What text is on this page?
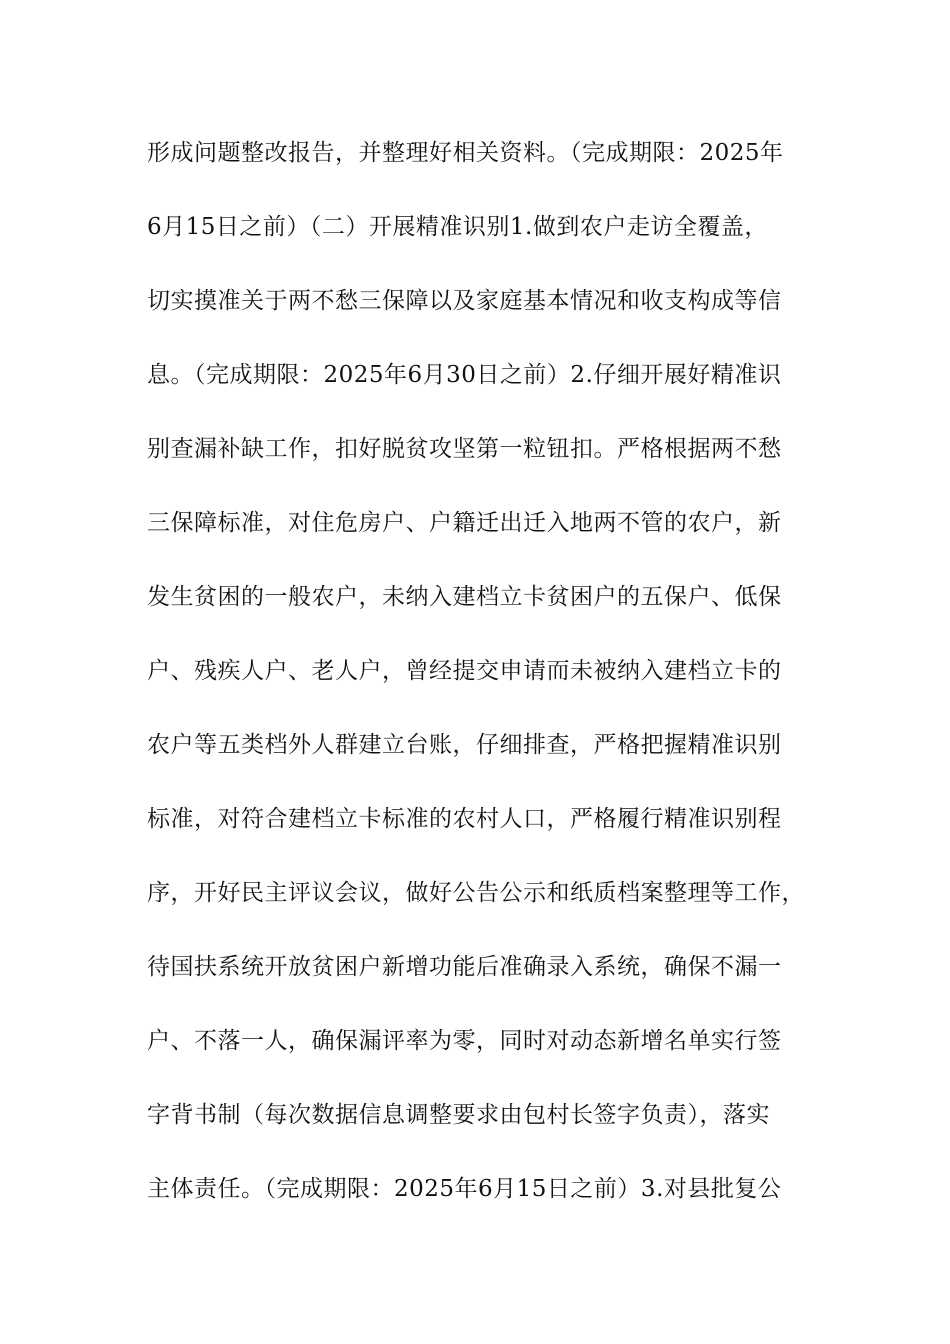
形成问题整改报告，并整理好相关资料。（完成期限：2025年
6月15日之前）（二）开展精准识别1.做到农户走访全覆盖，
切实摸准关于两不愁三保障以及家庭基本情况和收支构成等信
息。（完成期限：2025年6月30日之前）2.仔细开展好精准识
别查漏补缺工作，扣好脱贫攻坚第一粒钮扣。严格根据两不愁
三保障标准，对住危房户、户籍迁出迁入地两不管的农户，新
发生贫困的一般农户，未纳入建档立卡贫困户的五保户、低保
户、残疾人户、老人户，曾经提交申请而未被纳入建档立卡的
农户等五类档外人群建立台账，仔细排查，严格把握精准识别
标准，对符合建档立卡标准的农村人口，严格履行精准识别程
序，开好民主评议会议，做好公告公示和纸质档案整理等工作，
待国扶系统开放贫困户新增功能后准确录入系统，确保不漏一
户、不落一人，确保漏评率为零，同时对动态新增名单实行签
字背书制（每次数据信息调整要求由包村长签字负责），落实
主体责任。（完成期限：2025年6月15日之前）3.对县批复公
